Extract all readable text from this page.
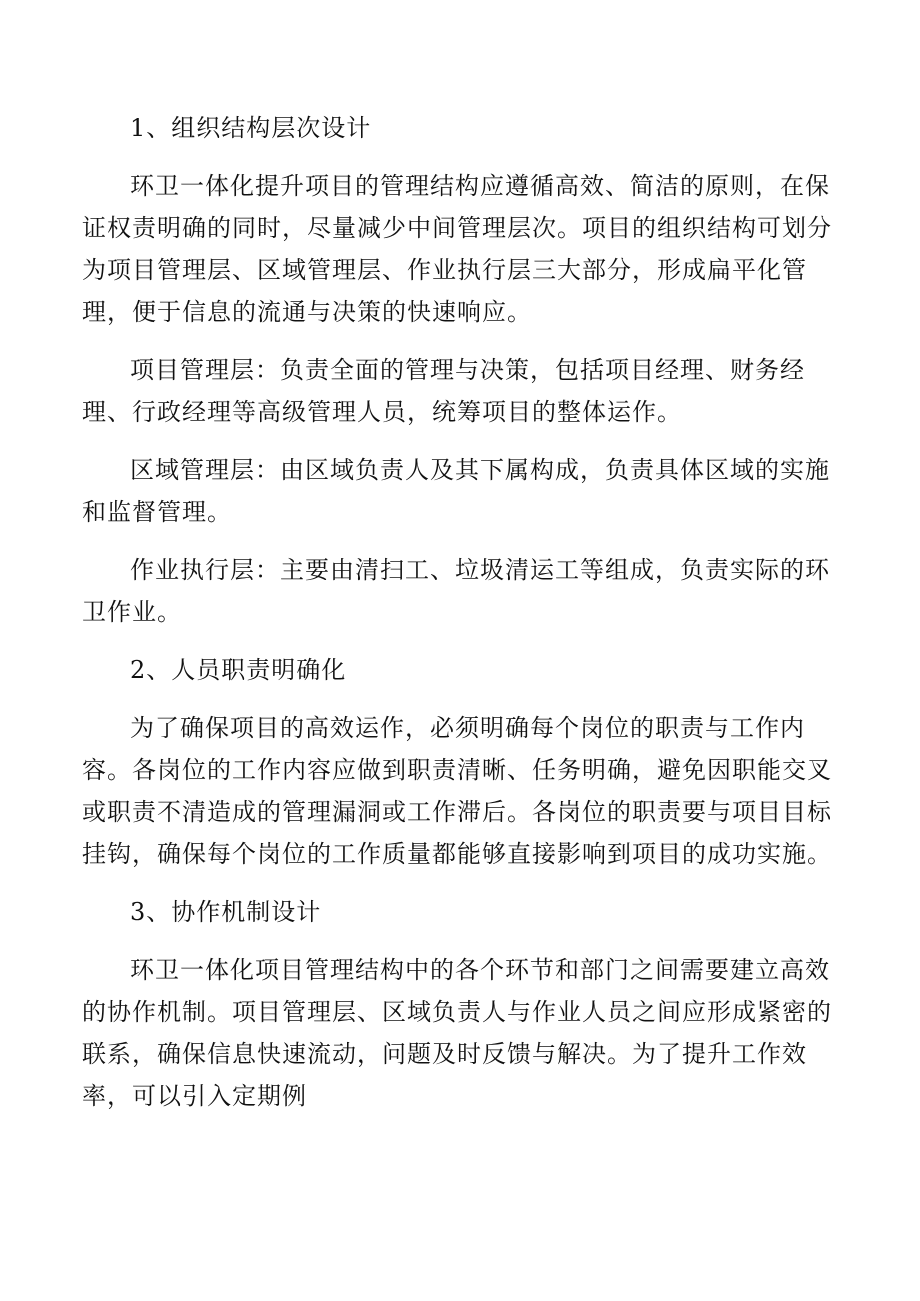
1、组织结构层次设计

环卫一体化提升项目的管理结构应遵循高效、简洁的原则，在保证权责明确的同时，尽量减少中间管理层次。项目的组织结构可划分为项目管理层、区域管理层、作业执行层三大部分，形成扁平化管理，便于信息的流通与决策的快速响应。

项目管理层：负责全面的管理与决策，包括项目经理、财务经理、行政经理等高级管理人员，统筹项目的整体运作。

区域管理层：由区域负责人及其下属构成，负责具体区域的实施和监督管理。

作业执行层：主要由清扫工、垃圾清运工等组成，负责实际的环卫作业。

2、人员职责明确化

为了确保项目的高效运作，必须明确每个岗位的职责与工作内容。各岗位的工作内容应做到职责清晰、任务明确，避免因职能交叉或职责不清造成的管理漏洞或工作滞后。各岗位的职责要与项目目标挂钩，确保每个岗位的工作质量都能够直接影响到项目的成功实施。

3、协作机制设计

环卫一体化项目管理结构中的各个环节和部门之间需要建立高效的协作机制。项目管理层、区域负责人与作业人员之间应形成紧密的联系，确保信息快速流动，问题及时反馈与解决。为了提升工作效率，可以引入定期例
